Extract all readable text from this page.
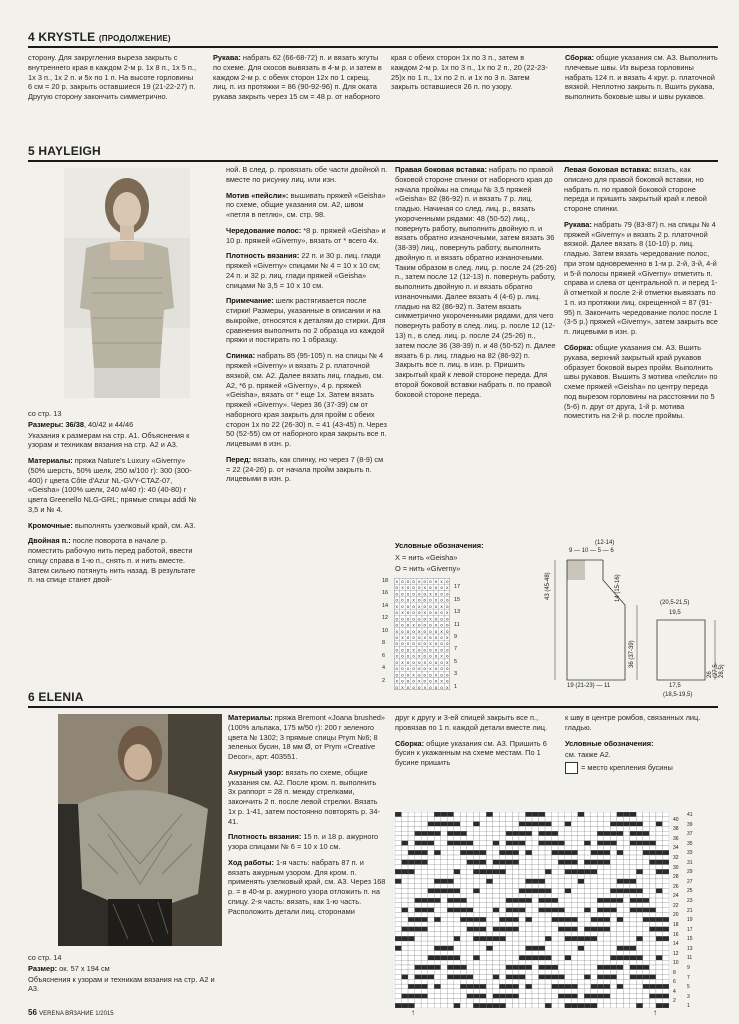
4 KRYSTLE (ПРОДОЛЖЕНИЕ)

сторону. Для закругления выреза закрыть с внутреннего края в каждом 2-м р. 1х 8 п., 1х 5 п., 1х 3 п., 1х 2 п. и 5х по 1 п. На высоте горловины 6 см = 20 р. закрыть оставшиеся 19 (21-22-27) п. Другую сторону закончить симметрично.

Рукава: набрать 62 (66-68-72) п. и вязать жгуты по схеме. Для скосов вывязать в 4-м р. и затем в каждом 2-м р. с обеих сторон 12х по 1 скрещ. лиц. п. из протяжки = 86 (90-92-96) п. Для оката рукава закрыть через 15 см = 48 р. от наборного

края с обеих сторон 1х по 3 п., затем в каждом 2-м р. 1х по 3 п., 1х по 2 п., 20 (22-23-25)х по 1 п., 1х по 2 п. и 1х по 3 п. Затем закрыть оставшиеся 26 п. по узору.

Сборка: общие указания см. А3. Выполнить плечевые швы. Из выреза горловины набрать 124 п. и вязать 4 круг. р. платочной вязкой. Неплотно закрыть п. Вшить рукава, выполнить боковые швы и швы рукавов.

5 HAYLEIGH

со стр. 13

Размеры: 36/38, 40/42 и 44/46

Указания к размерам на стр. А1. Объяснения к узорам и техникам вязания на стр. А2 и А3.

Материалы: пряжа Nature's Luxury «Giverny» (50% шерсть, 50% шелк, 250 м/100 г): 300 (300-400) г цвета Côte d'Azur NL-GVY-CTAZ-07, «Geisha» (100% шелк, 240 м/40 г): 40 (40-80) г цвета Greenello NLG-GRL; прямые спицы addi № 3,5 и № 4.

Кромочные: выполнять узелковый край, см. А3.

Двойная п.: после поворота в начале р. поместить рабочую нить перед работой, ввести спицу справа в 1-ю п., снять п. и нить вместе. Затем сильно потянуть нить назад. В результате п. на спице станет двой-

ной. В след. р. провязать обе части двойной п. вместе по рисунку лиц. или изн.

Мотив «пейсли»: вышивать пряжей «Geisha» по схеме, общие указания см. А2, швом «петля в петлю», см. стр. 98.

Чередование полос: *8 р. пряжей «Geisha» и 10 р. пряжей «Giverny», вязать от * всего 4х.

Плотность вязания: 22 п. и 30 р. лиц. глади пряжей «Giverny» спицами № 4 = 10 х 10 см; 24 п. и 32 р. лиц. глади пряжей «Geisha» спицами № 3,5 = 10 х 10 см.

Примечание: шелк растягивается после стирки! Размеры, указанные в описании и на выкройке, относятся к деталям до стирки. Для сравнения выполнить по 2 образца из каждой пряжи и постирать по 1 образцу.

Спинка: набрать 85 (95-105) п. на спицы № 4 пряжей «Giverny» и вязать 2 р. платочной вязкой, см. А2. Далее вязать лиц. гладью, см. А2, *6 р. пряжей «Giverny», 4 р. пряжей «Geisha», вязать от * еще 1х. Затем вязать пряжей «Giverny». Через 36 (37-39) см от наборного края закрыть для пройм с обеих сторон 1х по 22 (26-30) п. = 41 (43-45) п. Через 50 (52-55) см от наборного края закрыть все п. лицевыми в изн. р.

Перед: вязать, как спинку, но через 7 (8-9) см = 22 (24-26) р. от начала пройм закрыть п. лицевыми в изн. р.

Правая боковая вставка: набрать по правой боковой стороне спинки от наборного края до начала проймы на спицы № 3,5 пряжей «Geisha» 82 (86-92) п. и вязать 7 р. лиц. гладью. Начиная со след. лиц. р., вязать укороченными рядами: 48 (50-52) лиц., повернуть работу, выполнить двойную п. и вязать обратно изнаночными, затем вязать 36 (38-39) лиц., повернуть работу, выполнить двойную п. и вязать обратно изнаночными. Таким образом в след. лиц. р. после 24 (25-26) п., затем после 12 (12-13) п. повернуть работу, выполнить двойную п. и вязать обратно изнаночными. Далее вязать 4 (4-6) р. лиц. гладью на 82 (86-92) п. Затем вязать симметрично укороченными рядами, для чего повернуть работу в след. лиц. р. после 12 (12-13) п., в след. лиц. р. после 24 (25-26) п., затем после 36 (38-39) п. и 48 (50-52) п. Далее вязать 6 р. лиц. гладью на 82 (86-92) п. Закрыть все п. лиц. в изн. р. Пришить закрытый край к левой стороне переда. Для второй боковой вставки набрать п. по правой боковой стороне переда.

Условные обозначения:

Х = нить «Geisha»

О = нить «Giverny»

18
16
14
12
10
8
6
4
2
x o o o x o o o x o
o x o o o x o o o x
o o x o o o x o o o
o o o x o o o x o o
x o o o x o o o x o
o x o o o x o o o x
o o x o o o x o o o
o o o x o o o x o o
x o o o x o o o x o
o x o o o x o o o x
o o x o o o x o o o
o o o x o o o x o o
x o o o x o o o x o
o x o o o x o o o x
o o x o o o x o o o
o o o x o o o x o o
x o o o x o o o x o
o x o o o x o o o x
17
15
13
11
9
7
5
3
1

Левая боковая вставка: вязать, как описано для правой боковой вставки, но набрать п. по правой боковой стороне переда и пришить закрытый край к левой стороне спинки.

Рукава: набрать 79 (83-87) п. на спицы № 4 пряжей «Giverny» и вязать 2 р. платочной вязкой. Далее вязать 8 (10-10) р. лиц. гладью. Затем вязать чередование полос, при этом одновременно в 1-м р. 2-й, 3-й, 4-й и 5-й полосы пряжей «Giverny» отметить п. справа и слева от центральной п. и перед 1-й отметкой и после 2-й отметки вывязать по 1 п. из протяжки лиц. скрещенной = 87 (91-95) п. Закончить чередование полос после 1 (3-5 р.) пряжей «Giverny», затем закрыть все п. лицевыми в изн. р.

Сборка: общие указания см. А3. Вшить рукава, верхний закрытый край рукавов образует боковой вырез пройм. Выполнить швы рукавов. Вышить 3 мотива «пейсли» по схеме пряжей «Geisha» по центру переда под вырезом горловины на расстоянии по 5 (5-6) п. друг от друга, 1-й р. мотива поместить на 2-й р. после проймы.

(12-14)
9 — 10 — 5 — 6
43 (45-48)
36 (37-39)
14 (15-16)
19 (21-23) — 11
(20,5-21,5)
19,5
26 (27,5-28,5)
17,5
(18,5-19,5)
6 ELENIA

со стр. 14

Размер: ок. 57 х 194 см

Объяснения к узорам и техникам вязания на стр. А2 и А3.

Материалы: пряжа Bremont «Joana brushed» (100% альпака, 175 м/50 г): 200 г зеленого цвета № 1302; 3 прямые спицы Prym №6; 8 зеленых бусин, 18 мм Ø, от Prym «Creative Decor», арт. 403551.

Ажурный узор: вязать по схеме, общие указания см. А2. После кром. п. выполнить 3х раппорт = 28 п. между стрелками, закончить 2 п. после левой стрелки. Вязать 1х р. 1-41, затем постоянно повторять р. 34-41.

Плотность вязания: 15 п. и 18 р. ажурного узора спицами № 6 = 10 х 10 см.

Ход работы: 1-я часть: набрать 87 п. и вязать ажурным узором. Для кром. п. применять узелковый край, см. А3. Через 168 р. = в 40-м р. ажурного узора отложить п. на спицу. 2-я часть: вязать, как 1-ю часть. Расположить детали лиц. сторонами

друг к другу и 3-ей спицей закрыть все п., провязав по 1 п. каждой детали вместе лиц.

Сборка: общие указания см. А3. Пришить 6 бусин к укажанным на схеме местам. По 1 бусине пришить

к шву в центре ромбов, связанных лиц. гладью.

Условные обозначения:

см. также А2.

= место крепления бусины

40
38
36
34
32
30
28
26
24
22
20
18
16
14
12
10
8
6
4
2
41
39
37
35
33
31
29
27
25
23
21
19
17
15
13
11
9
7
5
3
1
↑	↑
56 VERENA ВЯЗАНИЕ 1/2015
